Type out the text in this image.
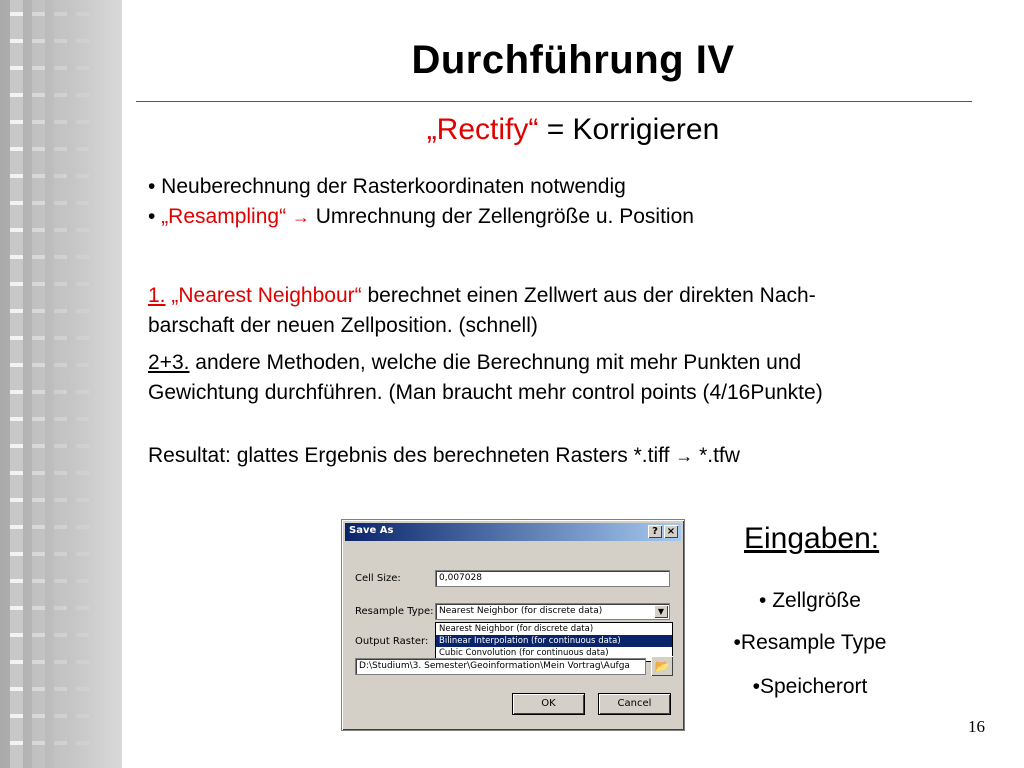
Durchführung IV
„Rectify“ = Korrigieren
• Neuberechnung der Rasterkoordinaten notwendig
• „Resampling“ → Umrechnung der Zellengröße u. Position
1. „Nearest Neighbour“ berechnet einen Zellwert aus der direkten Nach-
barschaft der neuen Zellposition. (schnell)
2+3. andere Methoden, welche die Berechnung mit mehr Punkten und
Gewichtung durchführen. (Man braucht mehr control points (4/16Punkte)
Resultat: glattes Ergebnis des berechneten Rasters *.tiff → *.tfw
Save As	? ×
Cell Size:	0,007028
Resample Type: Nearest Neighbor (for discrete data)	▼
Nearest Neighbor (for discrete data)
Bilinear Interpolation (for continuous data)
Cubic Convolution (for continuous data)
Output Raster:
D:\Studium\3. Semester\Geoinformation\Mein Vortrag\Aufga	📂
OK	Cancel
Eingaben:
• Zellgröße
•Resample Type
•Speicherort
16
